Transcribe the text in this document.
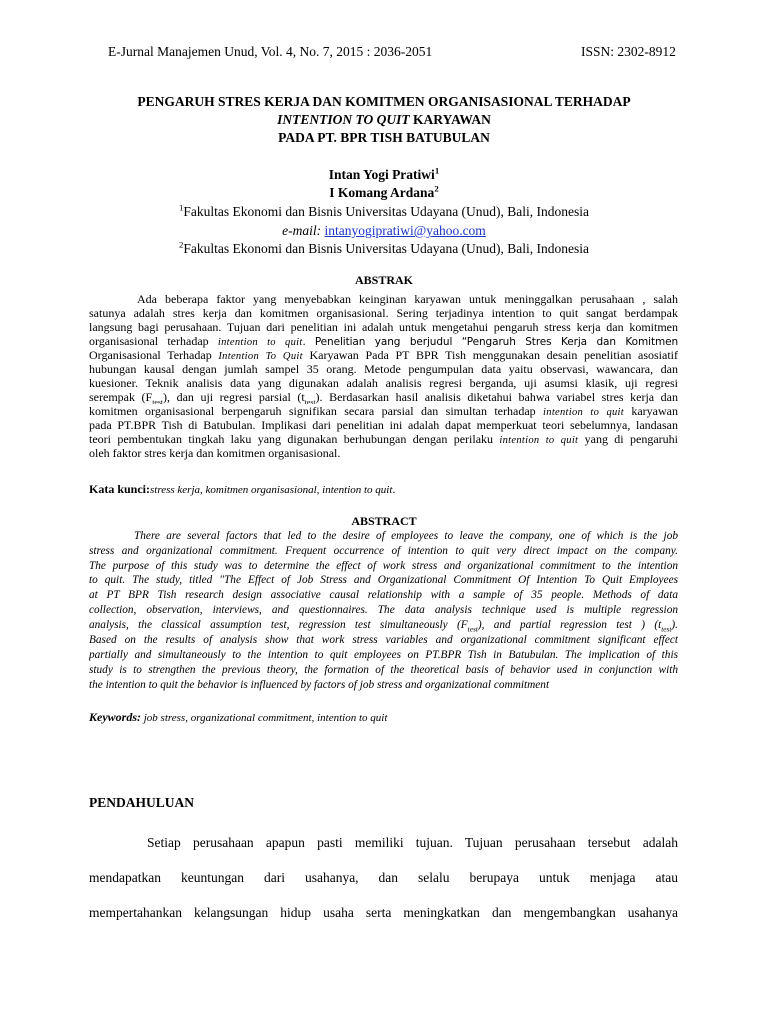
E-Jurnal Manajemen Unud, Vol. 4, No. 7, 2015 : 2036-2051	ISSN: 2302-8912
PENGARUH STRES KERJA DAN KOMITMEN ORGANISASIONAL TERHADAP
INTENTION TO QUIT KARYAWAN
PADA PT. BPR TISH BATUBULAN
Intan Yogi Pratiwi$^1$
I Komang Ardana$^2$
$^1$Fakultas Ekonomi dan Bisnis Universitas Udayana (Unud), Bali, Indonesia
e-mail: intanyogipratiwi@yahoo.com
$^2$Fakultas Ekonomi dan Bisnis Universitas Udayana (Unud), Bali, Indonesia
ABSTRAK
Ada beberapa faktor yang menyebabkan keinginan karyawan untuk meninggalkan perusahaan , salah
satunya adalah stres kerja dan komitmen organisasional. Sering terjadinya intention to quit sangat berdampak
langsung bagi perusahaan. Tujuan dari penelitian ini adalah untuk mengetahui pengaruh stress kerja dan komitmen
organisasional terhadap intention to quit. Penelitian yang berjudul “Pengaruh Stres Kerja dan Komitmen
Organisasional Terhadap Intention To Quit Karyawan Pada PT BPR Tish menggunakan desain penelitian asosiatif
hubungan kausal dengan jumlah sampel 35 orang. Metode pengumpulan data yaitu observasi, wawancara, dan
kuesioner. Teknik analisis data yang digunakan adalah analisis regresi berganda, uji asumsi klasik, uji regresi
serempak $(F_{test})$, dan uji regresi parsial $(t_{test})$. Berdasarkan hasil analisis diketahui bahwa variabel stres kerja dan
komitmen organisasional berpengaruh signifikan secara parsial dan simultan terhadap intention to quit karyawan
pada PT.BPR Tish di Batubulan. Implikasi dari penelitian ini adalah dapat memperkuat teori sebelumnya, landasan
teori pembentukan tingkah laku yang digunakan berhubungan dengan perilaku intention to quit yang di pengaruhi
oleh faktor stres kerja dan komitmen organisasional.
Kata kunci:stress kerja, komitmen organisasional, intention to quit.
ABSTRACT
There are several factors that led to the desire of employees to leave the company, one of which is the job
stress and organizational commitment. Frequent occurrence of intention to quit very direct impact on the company.
The purpose of this study was to determine the effect of work stress and organizational commitment to the intention
to quit. The study, titled "The Effect of Job Stress and Organizational Commitment Of Intention To Quit Employees
at PT BPR Tish research design associative causal relationship with a sample of 35 people. Methods of data
collection, observation, interviews, and questionnaires. The data analysis technique used is multiple regression
analysis, the classical assumption test, regression test simultaneously $(F_{test})$, and partial regression test ) $(t_{test})$.
Based on the results of analysis show that work stress variables and organizational commitment significant effect
partially and simultaneously to the intention to quit employees on PT.BPR Tish in Batubulan. The implication of this
study is to strengthen the previous theory, the formation of the theoretical basis of behavior used in conjunction with
the intention to quit the behavior is influenced by factors of job stress and organizational commitment
Keywords: job stress, organizational commitment, intention to quit
PENDAHULUAN
Setiap perusahaan apapun pasti memiliki tujuan. Tujuan perusahaan tersebut adalah
mendapatkan keuntungan dari usahanya, dan selalu berupaya untuk menjaga atau
mempertahankan kelangsungan hidup usaha serta meningkatkan dan mengembangkan usahanya
